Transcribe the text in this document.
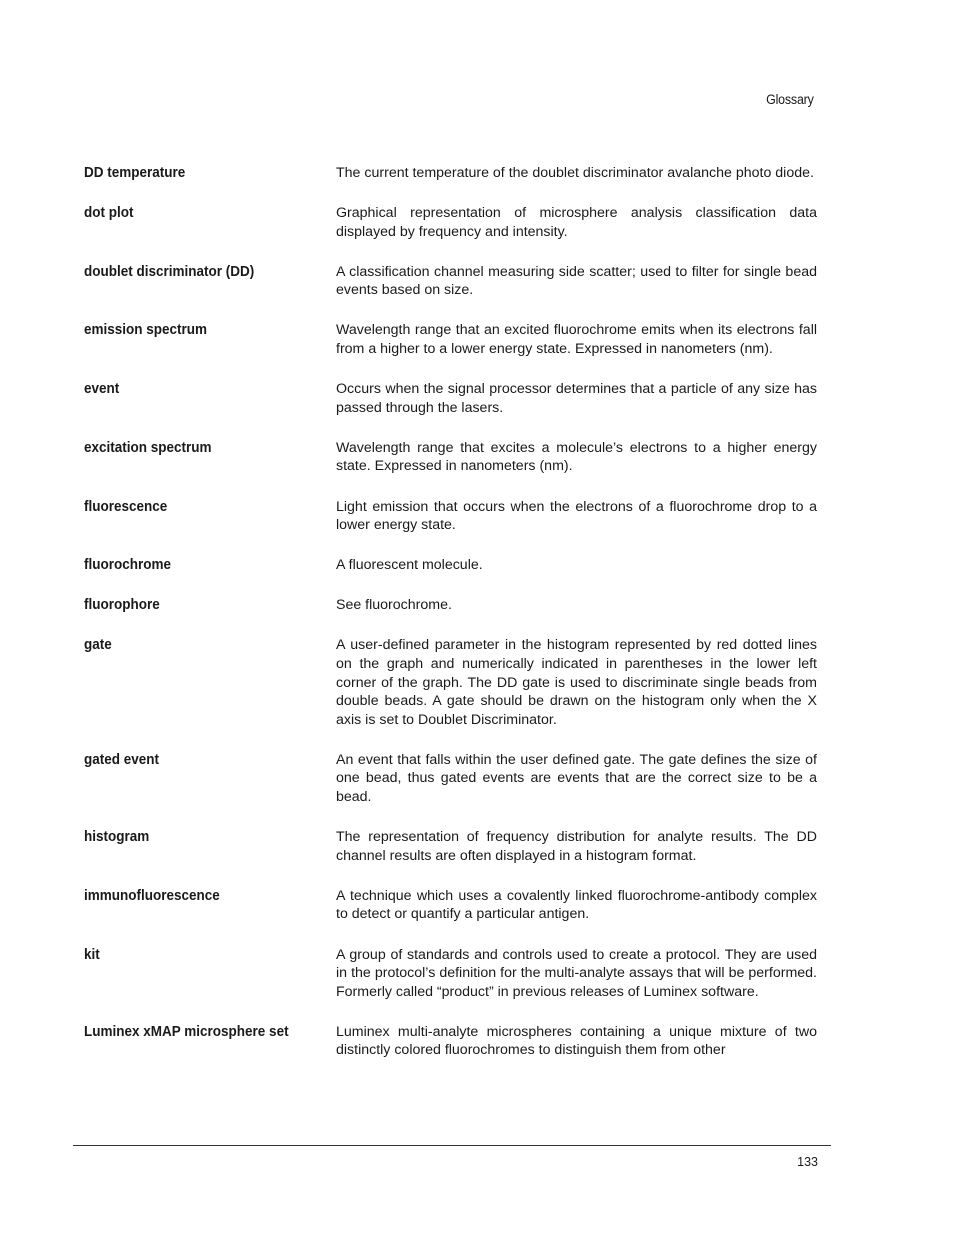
Glossary
DD temperature	The current temperature of the doublet discriminator avalanche photo diode.
dot plot	Graphical representation of microsphere analysis classification data displayed by frequency and intensity.
doublet discriminator (DD)	A classification channel measuring side scatter; used to filter for single bead events based on size.
emission spectrum	Wavelength range that an excited fluorochrome emits when its electrons fall from a higher to a lower energy state. Expressed in nanometers (nm).
event	Occurs when the signal processor determines that a particle of any size has passed through the lasers.
excitation spectrum	Wavelength range that excites a molecule’s electrons to a higher energy state. Expressed in nanometers (nm).
fluorescence	Light emission that occurs when the electrons of a fluorochrome drop to a lower energy state.
fluorochrome	A fluorescent molecule.
fluorophore	See fluorochrome.
gate	A user-defined parameter in the histogram represented by red dotted lines on the graph and numerically indicated in parentheses in the lower left corner of the graph. The DD gate is used to discriminate single beads from double beads. A gate should be drawn on the histogram only when the X axis is set to Doublet Discriminator.
gated event	An event that falls within the user defined gate. The gate defines the size of one bead, thus gated events are events that are the correct size to be a bead.
histogram	The representation of frequency distribution for analyte results. The DD channel results are often displayed in a histogram format.
immunofluorescence	A technique which uses a covalently linked fluorochrome-antibody complex to detect or quantify a particular antigen.
kit	A group of standards and controls used to create a protocol. They are used in the protocol’s definition for the multi-analyte assays that will be performed. Formerly called “product” in previous releases of Luminex software.
Luminex xMAP microsphere set	Luminex multi-analyte microspheres containing a unique mixture of two distinctly colored fluorochromes to distinguish them from other
133
